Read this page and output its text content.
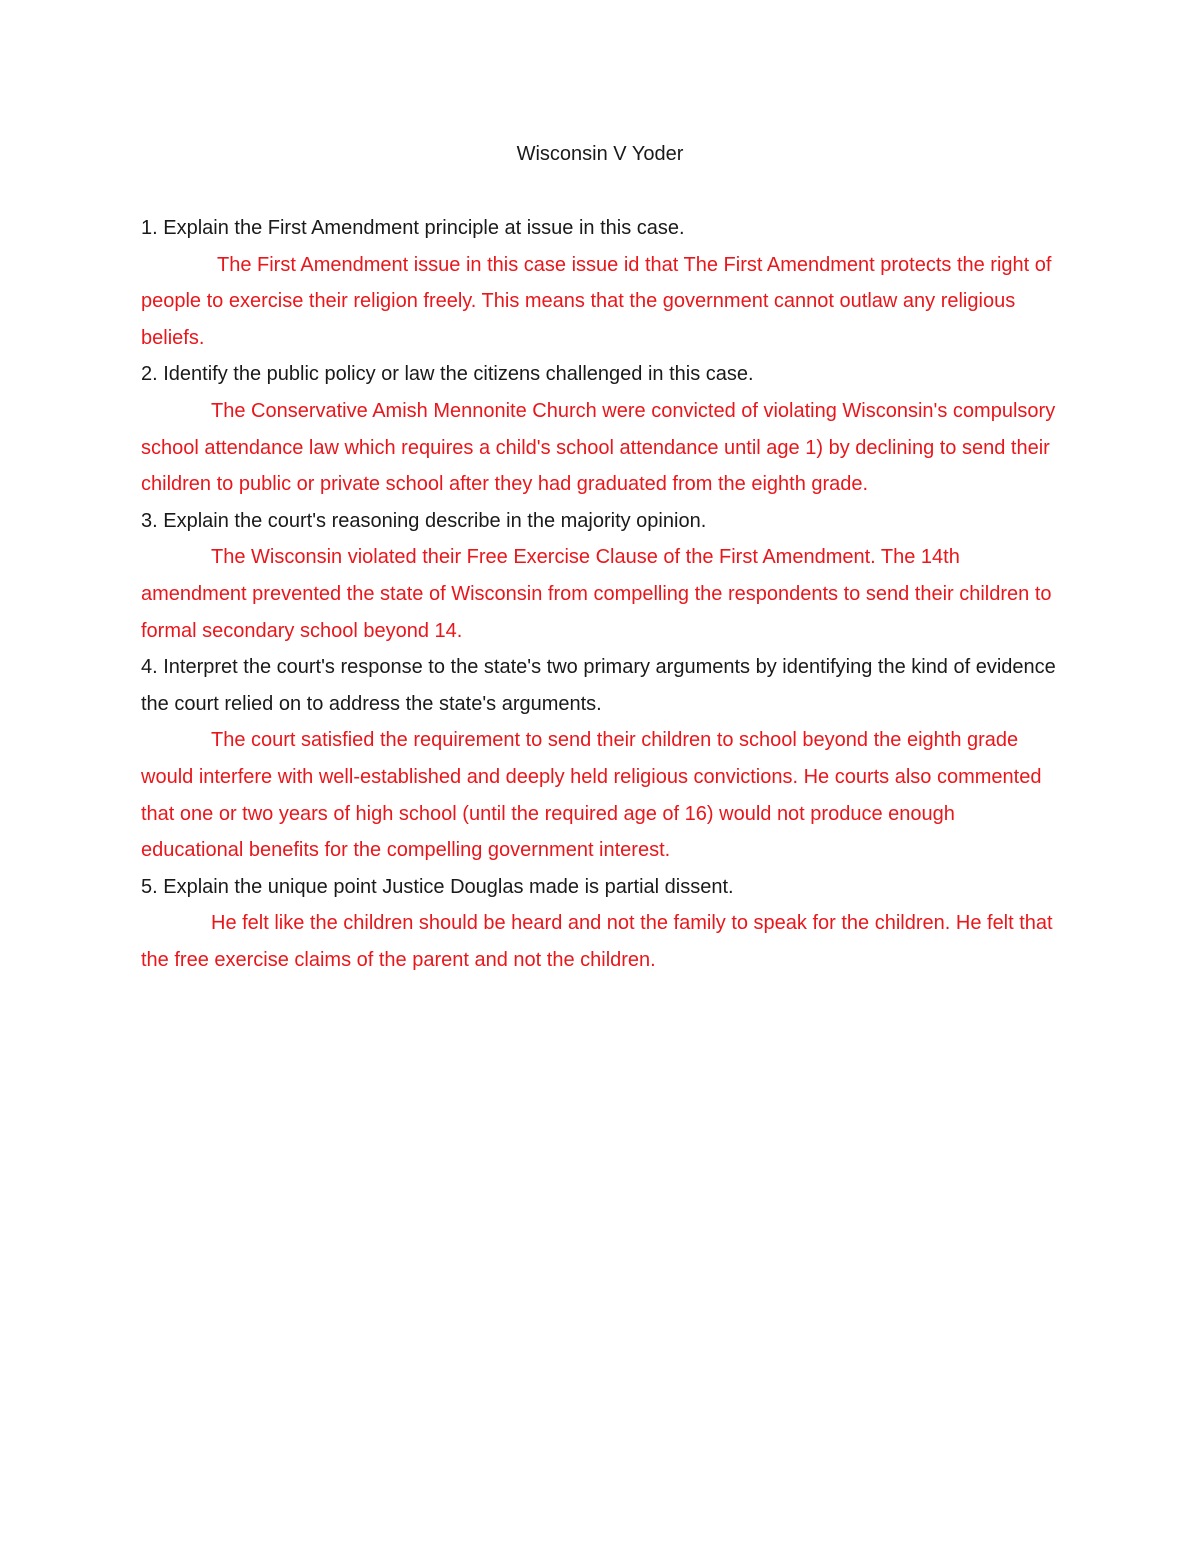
Wisconsin V Yoder

1. Explain the First Amendment principle at issue in this case.

The First Amendment issue in this case issue id that The First Amendment protects the right of people to exercise their religion freely. This means that the government cannot outlaw any religious beliefs.

2. Identify the public policy or law the citizens challenged in this case.

The Conservative Amish Mennonite Church were convicted of violating Wisconsin's compulsory school attendance law which requires a child's school attendance until age 1) by declining to send their children to public or private school after they had graduated from the eighth grade.

3. Explain the court's reasoning describe in the majority opinion.

The Wisconsin violated their Free Exercise Clause of the First Amendment. The 14th amendment prevented the state of Wisconsin from compelling the respondents to send their children to formal secondary school beyond 14.

4. Interpret the court's response to the state's two primary arguments by identifying the kind of evidence the court relied on to address the state's arguments.

The court satisfied the requirement to send their children to school beyond the eighth grade would interfere with well-established and deeply held religious convictions. He courts also commented that one or two years of high school (until the required age of 16) would not produce enough educational benefits for the compelling government interest.

5. Explain the unique point Justice Douglas made is partial dissent.

He felt like the children should be heard and not the family to speak for the children. He felt that the free exercise claims of the parent and not the children.
